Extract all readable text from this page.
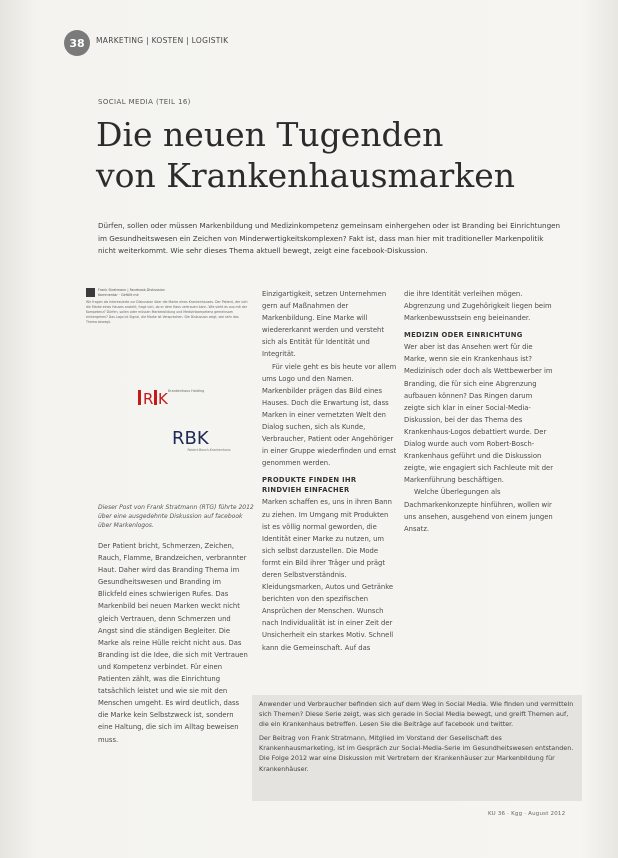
38	MARKETING | KOSTEN | LOGISTIK
SOCIAL MEDIA (TEIL 16)
Die neuen Tugenden
von Krankenhausmarken
Dürfen, sollen oder müssen Markenbildung und Medizinkompetenz gemeinsam einhergehen oder ist Branding bei Einrichtungen im Gesundheitswesen ein Zeichen von Minderwertigkeitskomplexen? Fakt ist, dass man hier mit traditioneller Markenpolitik nicht weiterkommt. Wie sehr dieses Thema aktuell bewegt, zeigt eine facebook-Diskussion.
Frank Stratmann | Facebook-Diskussion
Kommentar · Gefällt mir
Wir fragen als Interessierte zur Diskussion über die Marke eines Krankenhauses. Der Patient, der sich die Marke eines Hauses ansieht, fragt sich, ob er dem Haus vertrauen kann. Wie sieht es aus mit der Kompetenz? Dürfen, sollen oder müssen Markenbildung und Medizinkompetenz gemeinsam einhergehen? Das Logo ist Signal, die Marke ist Versprechen. Die Diskussion zeigt, wie sehr das Thema bewegt.
R K Krankenhaus Holding
RBK
Robert-Bosch-Krankenhaus
Dieser Post von Frank Stratmann (RTG) führte 2012 über eine ausgedehnte Diskussion auf facebook über Markenlogos.

Der Patient bricht, Schmerzen, Zeichen, Rauch, Flamme, Brandzeichen, verbrannter Haut. Daher wird das Branding Thema im Gesundheitswesen und Branding im Blickfeld eines schwierigen Rufes. Das Markenbild bei neuen Marken weckt nicht gleich Vertrauen, denn Schmerzen und Angst sind die ständigen Begleiter. Die Marke als reine Hülle reicht nicht aus. Das Branding ist die Idee, die sich mit Vertrauen und Kompetenz verbindet. Für einen Patienten zählt, was die Einrichtung tatsächlich leistet und wie sie mit den Menschen umgeht. Es wird deutlich, dass die Marke kein Selbstzweck ist, sondern eine Haltung, die sich im Alltag beweisen muss.

Einzigartigkeit, setzen Unternehmen gern auf Maßnahmen der Markenbildung. Eine Marke will wiedererkannt werden und versteht sich als Entität für Identität und Integrität.

Für viele geht es bis heute vor allem ums Logo und den Namen. Markenbilder prägen das Bild eines Hauses. Doch die Erwartung ist, dass Marken in einer vernetzten Welt den Dialog suchen, sich als Kunde, Verbraucher, Patient oder Angehöriger in einer Gruppe wiederfinden und ernst genommen werden.

PRODUKTE FINDEN IHR RINDVIEH EINFACHER

Marken schaffen es, uns in ihren Bann zu ziehen. Im Umgang mit Produkten ist es völlig normal geworden, die Identität einer Marke zu nutzen, um sich selbst darzustellen. Die Mode formt ein Bild ihrer Träger und prägt deren Selbstverständnis. Kleidungsmarken, Autos und Getränke berichten von den spezifischen Ansprüchen der Menschen. Wunsch nach Individualität ist in einer Zeit der Unsicherheit ein starkes Motiv. Schnell kann die Gemeinschaft. Auf das

die ihre Identität verleihen mögen. Abgrenzung und Zugehörigkeit liegen beim Markenbewusstsein eng beieinander.

MEDIZIN ODER EINRICHTUNG

Wer aber ist das Ansehen wert für die Marke, wenn sie ein Krankenhaus ist? Medizinisch oder doch als Wettbewerber im Branding, die für sich eine Abgrenzung aufbauen können? Das Ringen darum zeigte sich klar in einer Social-Media-Diskussion, bei der das Thema des Krankenhaus-Logos debattiert wurde. Der Dialog wurde auch vom Robert-Bosch-Krankenhaus geführt und die Diskussion zeigte, wie engagiert sich Fachleute mit der Markenführung beschäftigen.

Welche Überlegungen als Dachmarkenkonzepte hinführen, wollen wir uns ansehen, ausgehend von einem jungen Ansatz.

Anwender und Verbraucher befinden sich auf dem Weg in Social Media. Wie finden und vermitteln sich Themen? Diese Serie zeigt, was sich gerade in Social Media bewegt, und greift Themen auf, die ein Krankenhaus betreffen. Lesen Sie die Beiträge auf facebook und twitter.

Der Beitrag von Frank Stratmann, Mitglied im Vorstand der Gesellschaft des Krankenhausmarketing, ist im Gespräch zur Social-Media-Serie im Gesundheitswesen entstanden. Die Folge 2012 war eine Diskussion mit Vertretern der Krankenhäuser zur Markenbildung für Krankenhäuser.

KU 36 · Kgg · August 2012
